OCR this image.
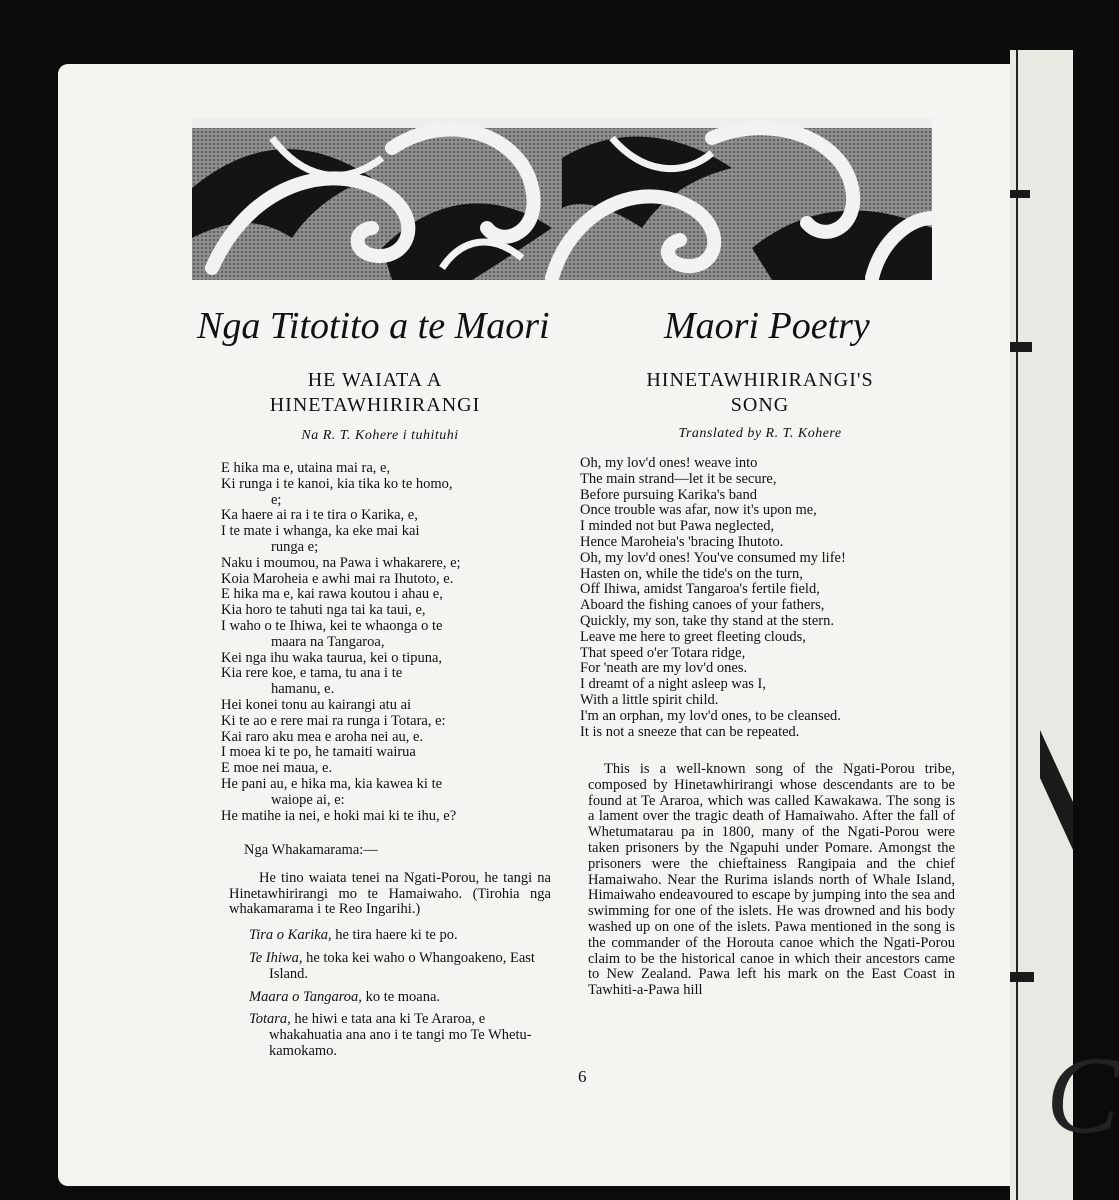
C
Nga Titotito a te Maori	Maori Poetry
HE WAIATA A
HINETAWHIRIRANGI
HINETAWHIRIRANGI'S
SONG
Na R. T. Kohere i tuhituhi	Translated by R. T. Kohere
E hika ma e, utaina mai ra, e,
Ki runga i te kanoi, kia tika ko te homo,
e;
Ka haere ai ra i te tira o Karika, e,
I te mate i whanga, ka eke mai kai
runga e;
Naku i moumou, na Pawa i whakarere, e;
Koia Maroheia e awhi mai ra Ihutoto, e.
E hika ma e, kai rawa koutou i ahau e,
Kia horo te tahuti nga tai ka taui, e,
I waho o te Ihiwa, kei te whaonga o te
maara na Tangaroa,
Kei nga ihu waka taurua, kei o tipuna,
Kia rere koe, e tama, tu ana i te
hamanu, e.
Hei konei tonu au kairangi atu ai
Ki te ao e rere mai ra runga i Totara, e:
Kai raro aku mea e aroha nei au, e.
I moea ki te po, he tamaiti wairua
E moe nei maua, e.
He pani au, e hika ma, kia kawea ki te
waiope ai, e:
He matihe ia nei, e hoki mai ki te ihu, e?
Oh, my lov'd ones! weave into
The main strand—let it be secure,
Before pursuing Karika's band
Once trouble was afar, now it's upon me,
I minded not but Pawa neglected,
Hence Maroheia's 'bracing Ihutoto.
Oh, my lov'd ones! You've consumed my life!
Hasten on, while the tide's on the turn,
Off Ihiwa, amidst Tangaroa's fertile field,
Aboard the fishing canoes of your fathers,
Quickly, my son, take thy stand at the stern.
Leave me here to greet fleeting clouds,
That speed o'er Totara ridge,
For 'neath are my lov'd ones.
I dreamt of a night asleep was I,
With a little spirit child.
I'm an orphan, my lov'd ones, to be cleansed.
It is not a sneeze that can be repeated.

Nga Whakamarama:—

He tino waiata tenei na Ngati-Porou, he tangi na Hinetawhirirangi mo te Hamaiwaho. (Tirohia nga whakamarama i te Reo Ingarihi.)

Tira o Karika, he tira haere ki te po.

Te Ihiwa, he toka kei waho o Whangoakeno, East Island.

Maara o Tangaroa, ko te moana.

Totara, he hiwi e tata ana ki Te Araroa, e whakahuatia ana ano i te tangi mo Te Whetu-kamokamo.

This is a well-known song of the Ngati-Porou tribe, composed by Hinetawhirirangi whose descendants are to be found at Te Araroa, which was called Kawakawa. The song is a lament over the tragic death of Hamaiwaho. After the fall of Whetumatarau pa in 1800, many of the Ngati-Porou were taken prisoners by the Ngapuhi under Pomare. Amongst the prisoners were the chieftainess Rangipaia and the chief Hamaiwaho. Near the Rurima islands north of Whale Island, Himaiwaho endeavoured to escape by jumping into the sea and swimming for one of the islets. He was drowned and his body washed up on one of the islets. Pawa mentioned in the song is the commander of the Horouta canoe which the Ngati-Porou claim to be the historical canoe in which their ancestors came to New Zealand. Pawa left his mark on the East Coast in Tawhiti-a-Pawa hill

6
